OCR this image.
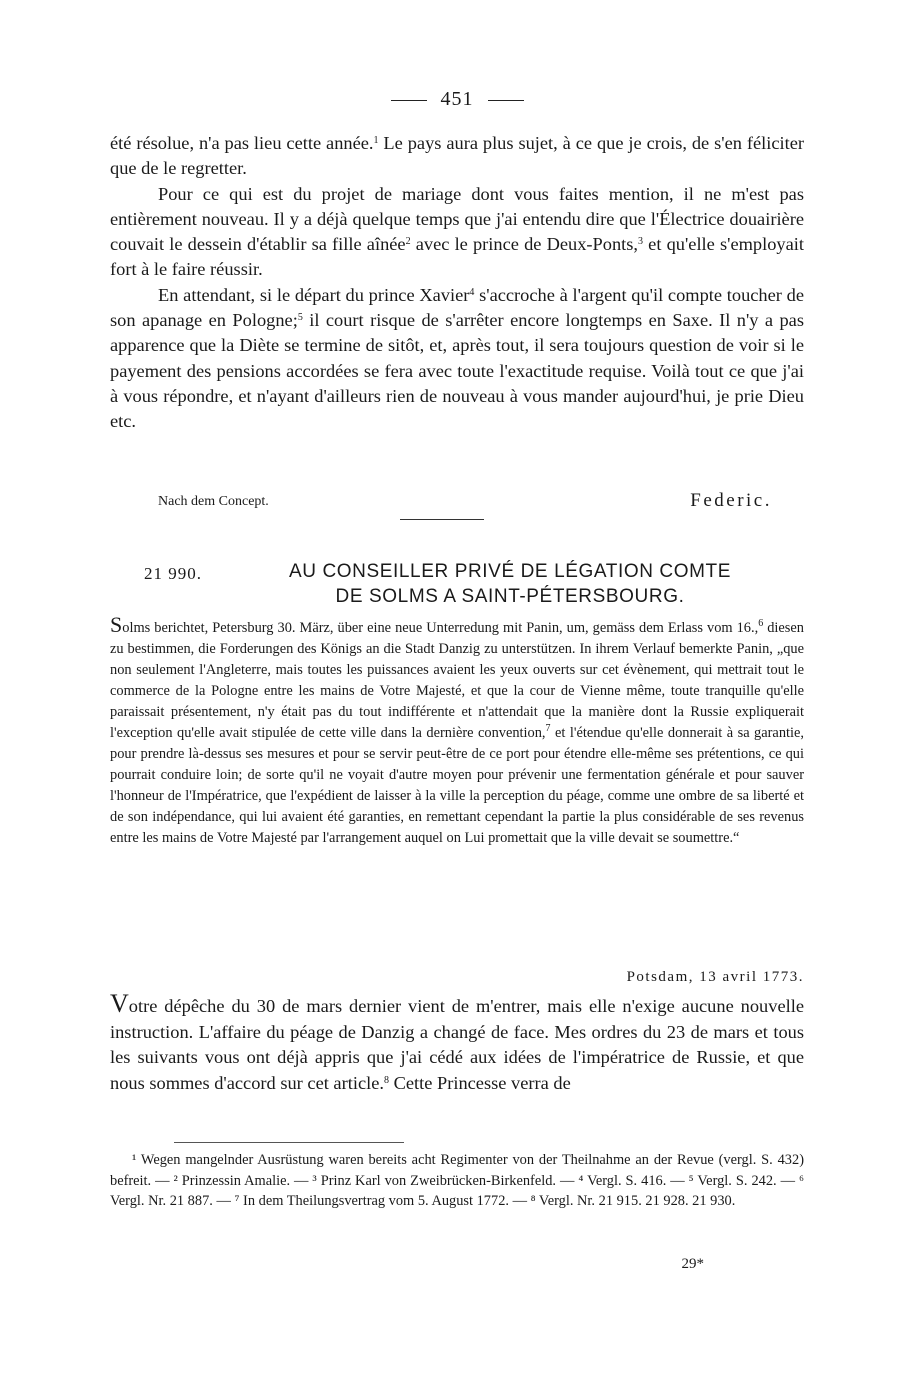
451

été résolue, n'a pas lieu cette année.$^1$ Le pays aura plus sujet, à ce que je crois, de s'en féliciter que de le regretter.

Pour ce qui est du projet de mariage dont vous faites mention, il ne m'est pas entièrement nouveau. Il y a déjà quelque temps que j'ai entendu dire que l'Électrice douairière couvait le dessein d'établir sa fille aînée$^2$ avec le prince de Deux-Ponts,$^3$ et qu'elle s'employait fort à le faire réussir.

En attendant, si le départ du prince Xavier$^4$ s'accroche à l'argent qu'il compte toucher de son apanage en Pologne;$^5$ il court risque de s'arrêter encore longtemps en Saxe. Il n'y a pas apparence que la Diète se termine de sitôt, et, après tout, il sera toujours question de voir si le payement des pensions accordées se fera avec toute l'exactitude requise. Voilà tout ce que j'ai à vous répondre, et n'ayant d'ailleurs rien de nouveau à vous mander aujourd'hui, je prie Dieu etc.

Nach dem Concept.	Federic.
21 990.	AU CONSEILLER PRIVÉ DE LÉGATION COMTE
DE SOLMS A SAINT-PÉTERSBOURG.

Solms berichtet, Petersburg 30. März, über eine neue Unterredung mit Panin, um, gemäss dem Erlass vom 16.,$^6$ diesen zu bestimmen, die Forderungen des Königs an die Stadt Danzig zu unterstützen. In ihrem Verlauf bemerkte Panin, „que non seulement l'Angleterre, mais toutes les puissances avaient les yeux ouverts sur cet évènement, qui mettrait tout le commerce de la Pologne entre les mains de Votre Majesté, et que la cour de Vienne même, toute tranquille qu'elle paraissait présentement, n'y était pas du tout indifférente et n'attendait que la manière dont la Russie expliquerait l'exception qu'elle avait stipulée de cette ville dans la dernière convention,$^7$ et l'étendue qu'elle donnerait à sa garantie, pour prendre là-dessus ses mesures et pour se servir peut-être de ce port pour étendre elle-même ses prétentions, ce qui pourrait conduire loin; de sorte qu'il ne voyait d'autre moyen pour prévenir une fermentation générale et pour sauver l'honneur de l'Impératrice, que l'expédient de laisser à la ville la perception du péage, comme une ombre de sa liberté et de son indépendance, qui lui avaient été garanties, en remettant cependant la partie la plus considérable de ses revenus entre les mains de Votre Majesté par l'arrangement auquel on Lui promettait que la ville devait se soumettre.“

Potsdam, 13 avril 1773.

Votre dépêche du 30 de mars dernier vient de m'entrer, mais elle n'exige aucune nouvelle instruction. L'affaire du péage de Danzig a changé de face. Mes ordres du 23 de mars et tous les suivants vous ont déjà appris que j'ai cédé aux idées de l'impératrice de Russie, et que nous sommes d'accord sur cet article.$^8$ Cette Princesse verra de

¹ Wegen mangelnder Ausrüstung waren bereits acht Regimenter von der Theilnahme an der Revue (vergl. S. 432) befreit. — ² Prinzessin Amalie. — ³ Prinz Karl von Zweibrücken-Birkenfeld. — ⁴ Vergl. S. 416. — ⁵ Vergl. S. 242. — ⁶ Vergl. Nr. 21 887. — ⁷ In dem Theilungsvertrag vom 5. August 1772. — ⁸ Vergl. Nr. 21 915. 21 928. 21 930.

29*
